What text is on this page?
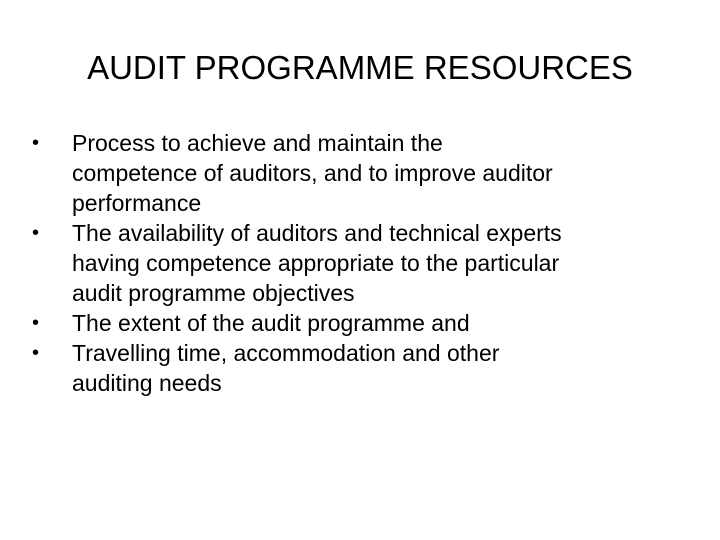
AUDIT PROGRAMME RESOURCES
•	Process to achieve and maintain the
competence of auditors, and to improve auditor
performance
•	The availability of auditors and technical experts
having competence appropriate to the particular
audit programme objectives
•	The extent of the audit programme and
•	Travelling time, accommodation and other
auditing needs
